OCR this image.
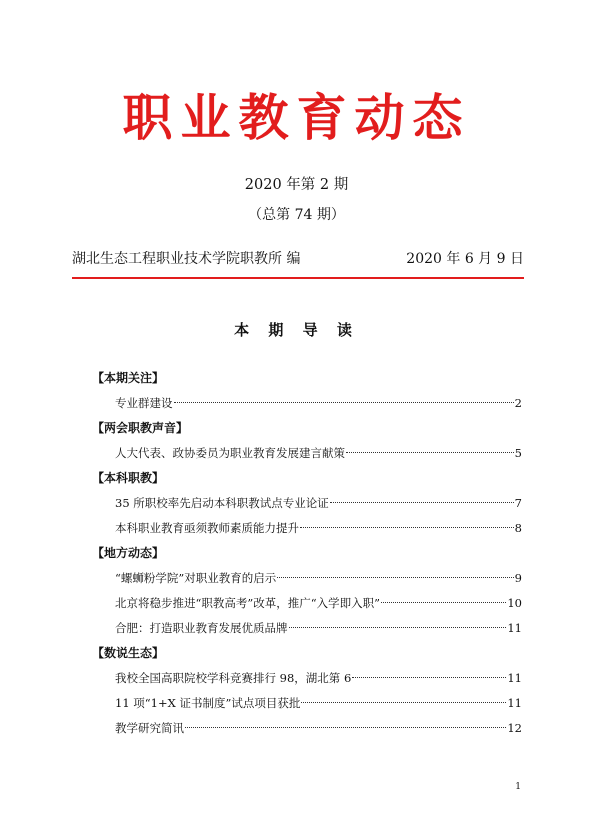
职业教育动态
2020 年第 2 期
（总第 74 期）
湖北生态工程职业技术学院职教所 编	2020 年 6 月 9 日
本 期 导 读
【本期关注】
专业群建设	2
【两会职教声音】
人大代表、政协委员为职业教育发展建言献策	5
【本科职教】
35 所职校率先启动本科职教试点专业论证	7
本科职业教育亟须教师素质能力提升	8
【地方动态】
“螺蛳粉学院”对职业教育的启示	9
北京将稳步推进“职教高考”改革，推广“入学即入职”	10
合肥：打造职业教育发展优质品牌	11
【数说生态】
我校全国高职院校学科竞赛排行 98，湖北第 6	11
11 项“1+X 证书制度”试点项目获批	11
教学研究简讯	12
1
